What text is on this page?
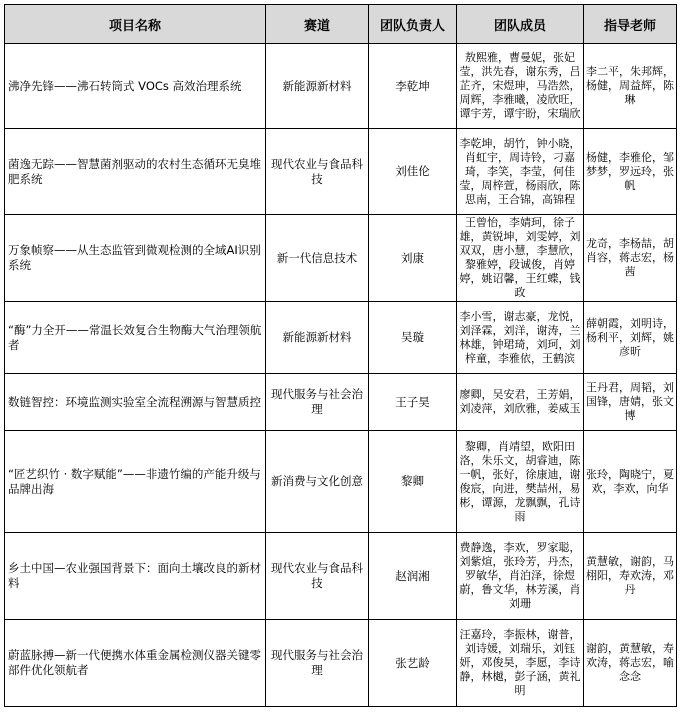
项目名称	赛道	团队负责人	团队成员	指导老师
沸净先锋——沸石转筒式 VOCs 高效治理系统	新能源新材料	李乾坤	敖熙雅，曹曼妮，张妃莹，洪先春，谢东秀，吕芷齐，宋煜珅，马浩然，周辉，李雅曦，凌欣旺，谭宇芳，谭宇盼，宋瑞欣	李二平，朱邦辉，杨健，周益辉，陈琳
菌逸无踪——智慧菌剂驱动的农村生态循环无臭堆肥系统	现代农业与食品科技	刘佳伦	李乾坤，胡竹，钟小晓，肖虹宇，周诗铃，刁嘉琦，李笑，李莹，何佳莹，周梓萱，杨雨欣，陈思南，王合锦，高锦程	杨健，李雅伦，邹梦梦，罗远玲，张帆
万象帧察——从生态监管到微观检测的全域AI识别系统	新一代信息技术	刘康	王曾怡，李婧珂，徐子雄，黄锐坤，刘雯婷，刘双双，唐小慧，李慧欣，黎雅婷，段诚俊，肖婷婷，姚诏馨，王红蝶，钱政	龙奇，李杨喆，胡肖容，蒋志宏，杨茜
“酶”力全开——常温长效复合生物酶大气治理领航者	新能源新材料	吴璇	李小雪，谢志豪，龙悦，刘泽霖，刘洋，谢涛，兰林雄，钟珺琦，刘珂，刘梓童，李雅依，王鹤滨	薛朝霞，刘明诗，杨利平，刘辉，姚彦昕
数链智控：环境监测实验室全流程溯源与智慧质控	现代服务与社会治理	王子昊	廖卿，吴安君，王芳娟，刘凌萍，刘欣雅，姜威玉	王丹君，周韬，刘国锋，唐婧，张文博
“匠艺织竹 · 数字赋能”——非遗竹编的产能升级与品牌出海	新消费与文化创意	黎卿	黎卿，肖靖望，欧阳田洛，朱乐文，胡睿迪，陈一帆，张好，徐康迪，谢俊宸，向进，樊喆州，易彬，谭源，龙飘飘，孔诗雨	张玲，陶晓宁，夏欢，李欢，向华
乡土中国—农业强国背景下：面向土壤改良的新材料	现代农业与食品科技	赵润湘	费静逸，李欢，罗家聪，刘紫煊，张玲芳，丹杰，罗敏华，肖泊泽，徐煜蔚，鲁文华，林芳溪，肖刘珊	黄慧敏，谢韵，马栩阳，寿欢涛，邓丹
蔚蓝脉搏—新一代便携水体重金属检测仪器关键零部件优化领航者	现代服务与社会治理	张艺龄	汪嘉玲，李振林，谢普，刘诗媛，刘瑞乐，刘钰妍，邓俊昊，李愿，李诗静，林樾，彭子涵，黄礼明	谢韵，黄慧敏，寿欢涛，蒋志宏，喻念念
